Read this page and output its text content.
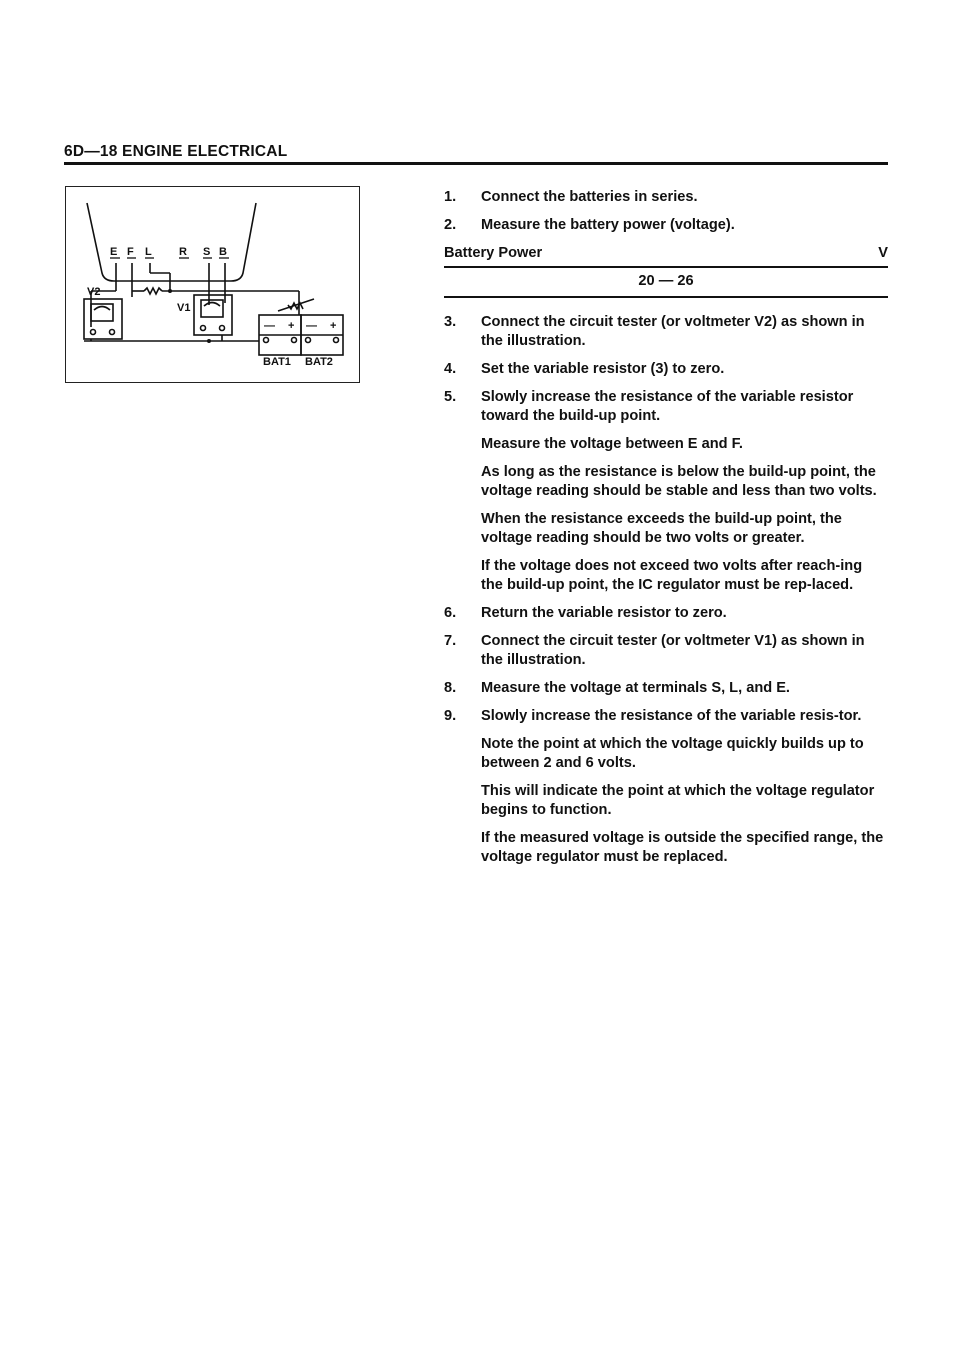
6D—18 ENGINE ELECTRICAL
E F L R S B
V2
V1
— + — +
BAT1 BAT2
1.	Connect the batteries in series.
2.	Measure the battery power (voltage).
Battery Power	V
20 — 26
3.	Connect the circuit tester (or voltmeter V2) as shown in the illustration.
4.	Set the variable resistor (3) to zero.
5.	Slowly increase the resistance of the variable resistor toward the build-up point.
Measure the voltage between E and F.
As long as the resistance is below the build-up point, the voltage reading should be stable and less than two volts.
When the resistance exceeds the build-up point, the voltage reading should be two volts or greater.
If the voltage does not exceed two volts after reach-ing the build-up point, the IC regulator must be rep-laced.
6.	Return the variable resistor to zero.
7.	Connect the circuit tester (or voltmeter V1) as shown in the illustration.
8.	Measure the voltage at terminals S, L, and E.
9.	Slowly increase the resistance of the variable resis-tor.
Note the point at which the voltage quickly builds up to between 2 and 6 volts.
This will indicate the point at which the voltage regulator begins to function.
If the measured voltage is outside the specified range, the voltage regulator must be replaced.
